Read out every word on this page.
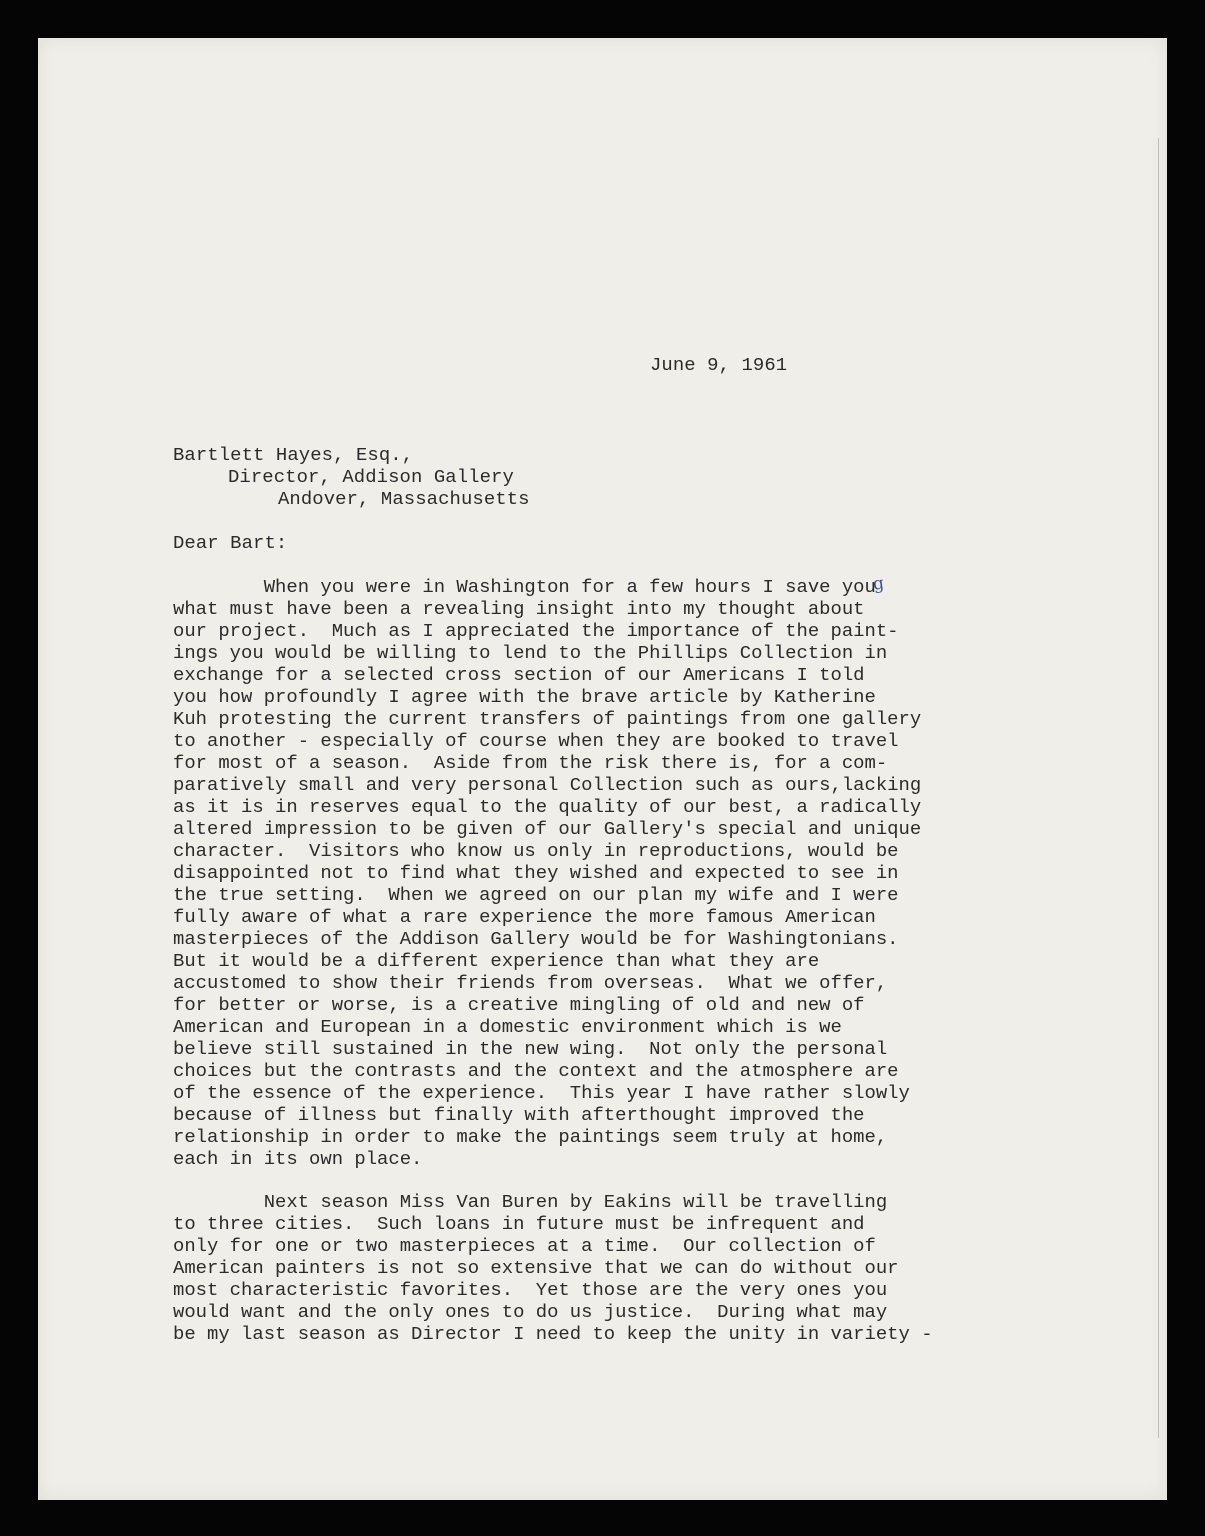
June 9, 1961
Bartlett Hayes, Esq.,
Director, Addison Gallery
Andover, Massachusetts
Dear Bart:
g
When you were in Washington for a few hours I save you
what must have been a revealing insight into my thought about
our project.  Much as I appreciated the importance of the paint-
ings you would be willing to lend to the Phillips Collection in
exchange for a selected cross section of our Americans I told
you how profoundly I agree with the brave article by Katherine
Kuh protesting the current transfers of paintings from one gallery
to another - especially of course when they are booked to travel
for most of a season.  Aside from the risk there is, for a com-
paratively small and very personal Collection such as ours,lacking
as it is in reserves equal to the quality of our best, a radically
altered impression to be given of our Gallery's special and unique
character.  Visitors who know us only in reproductions, would be
disappointed not to find what they wished and expected to see in
the true setting.  When we agreed on our plan my wife and I were
fully aware of what a rare experience the more famous American
masterpieces of the Addison Gallery would be for Washingtonians.
But it would be a different experience than what they are
accustomed to show their friends from overseas.  What we offer,
for better or worse, is a creative mingling of old and new of
American and European in a domestic environment which is we
believe still sustained in the new wing.  Not only the personal
choices but the contrasts and the context and the atmosphere are
of the essence of the experience.  This year I have rather slowly
because of illness but finally with afterthought improved the
relationship in order to make the paintings seem truly at home,
each in its own place.
Next season Miss Van Buren by Eakins will be travelling
to three cities.  Such loans in future must be infrequent and
only for one or two masterpieces at a time.  Our collection of
American painters is not so extensive that we can do without our
most characteristic favorites.  Yet those are the very ones you
would want and the only ones to do us justice.  During what may
be my last season as Director I need to keep the unity in variety -
